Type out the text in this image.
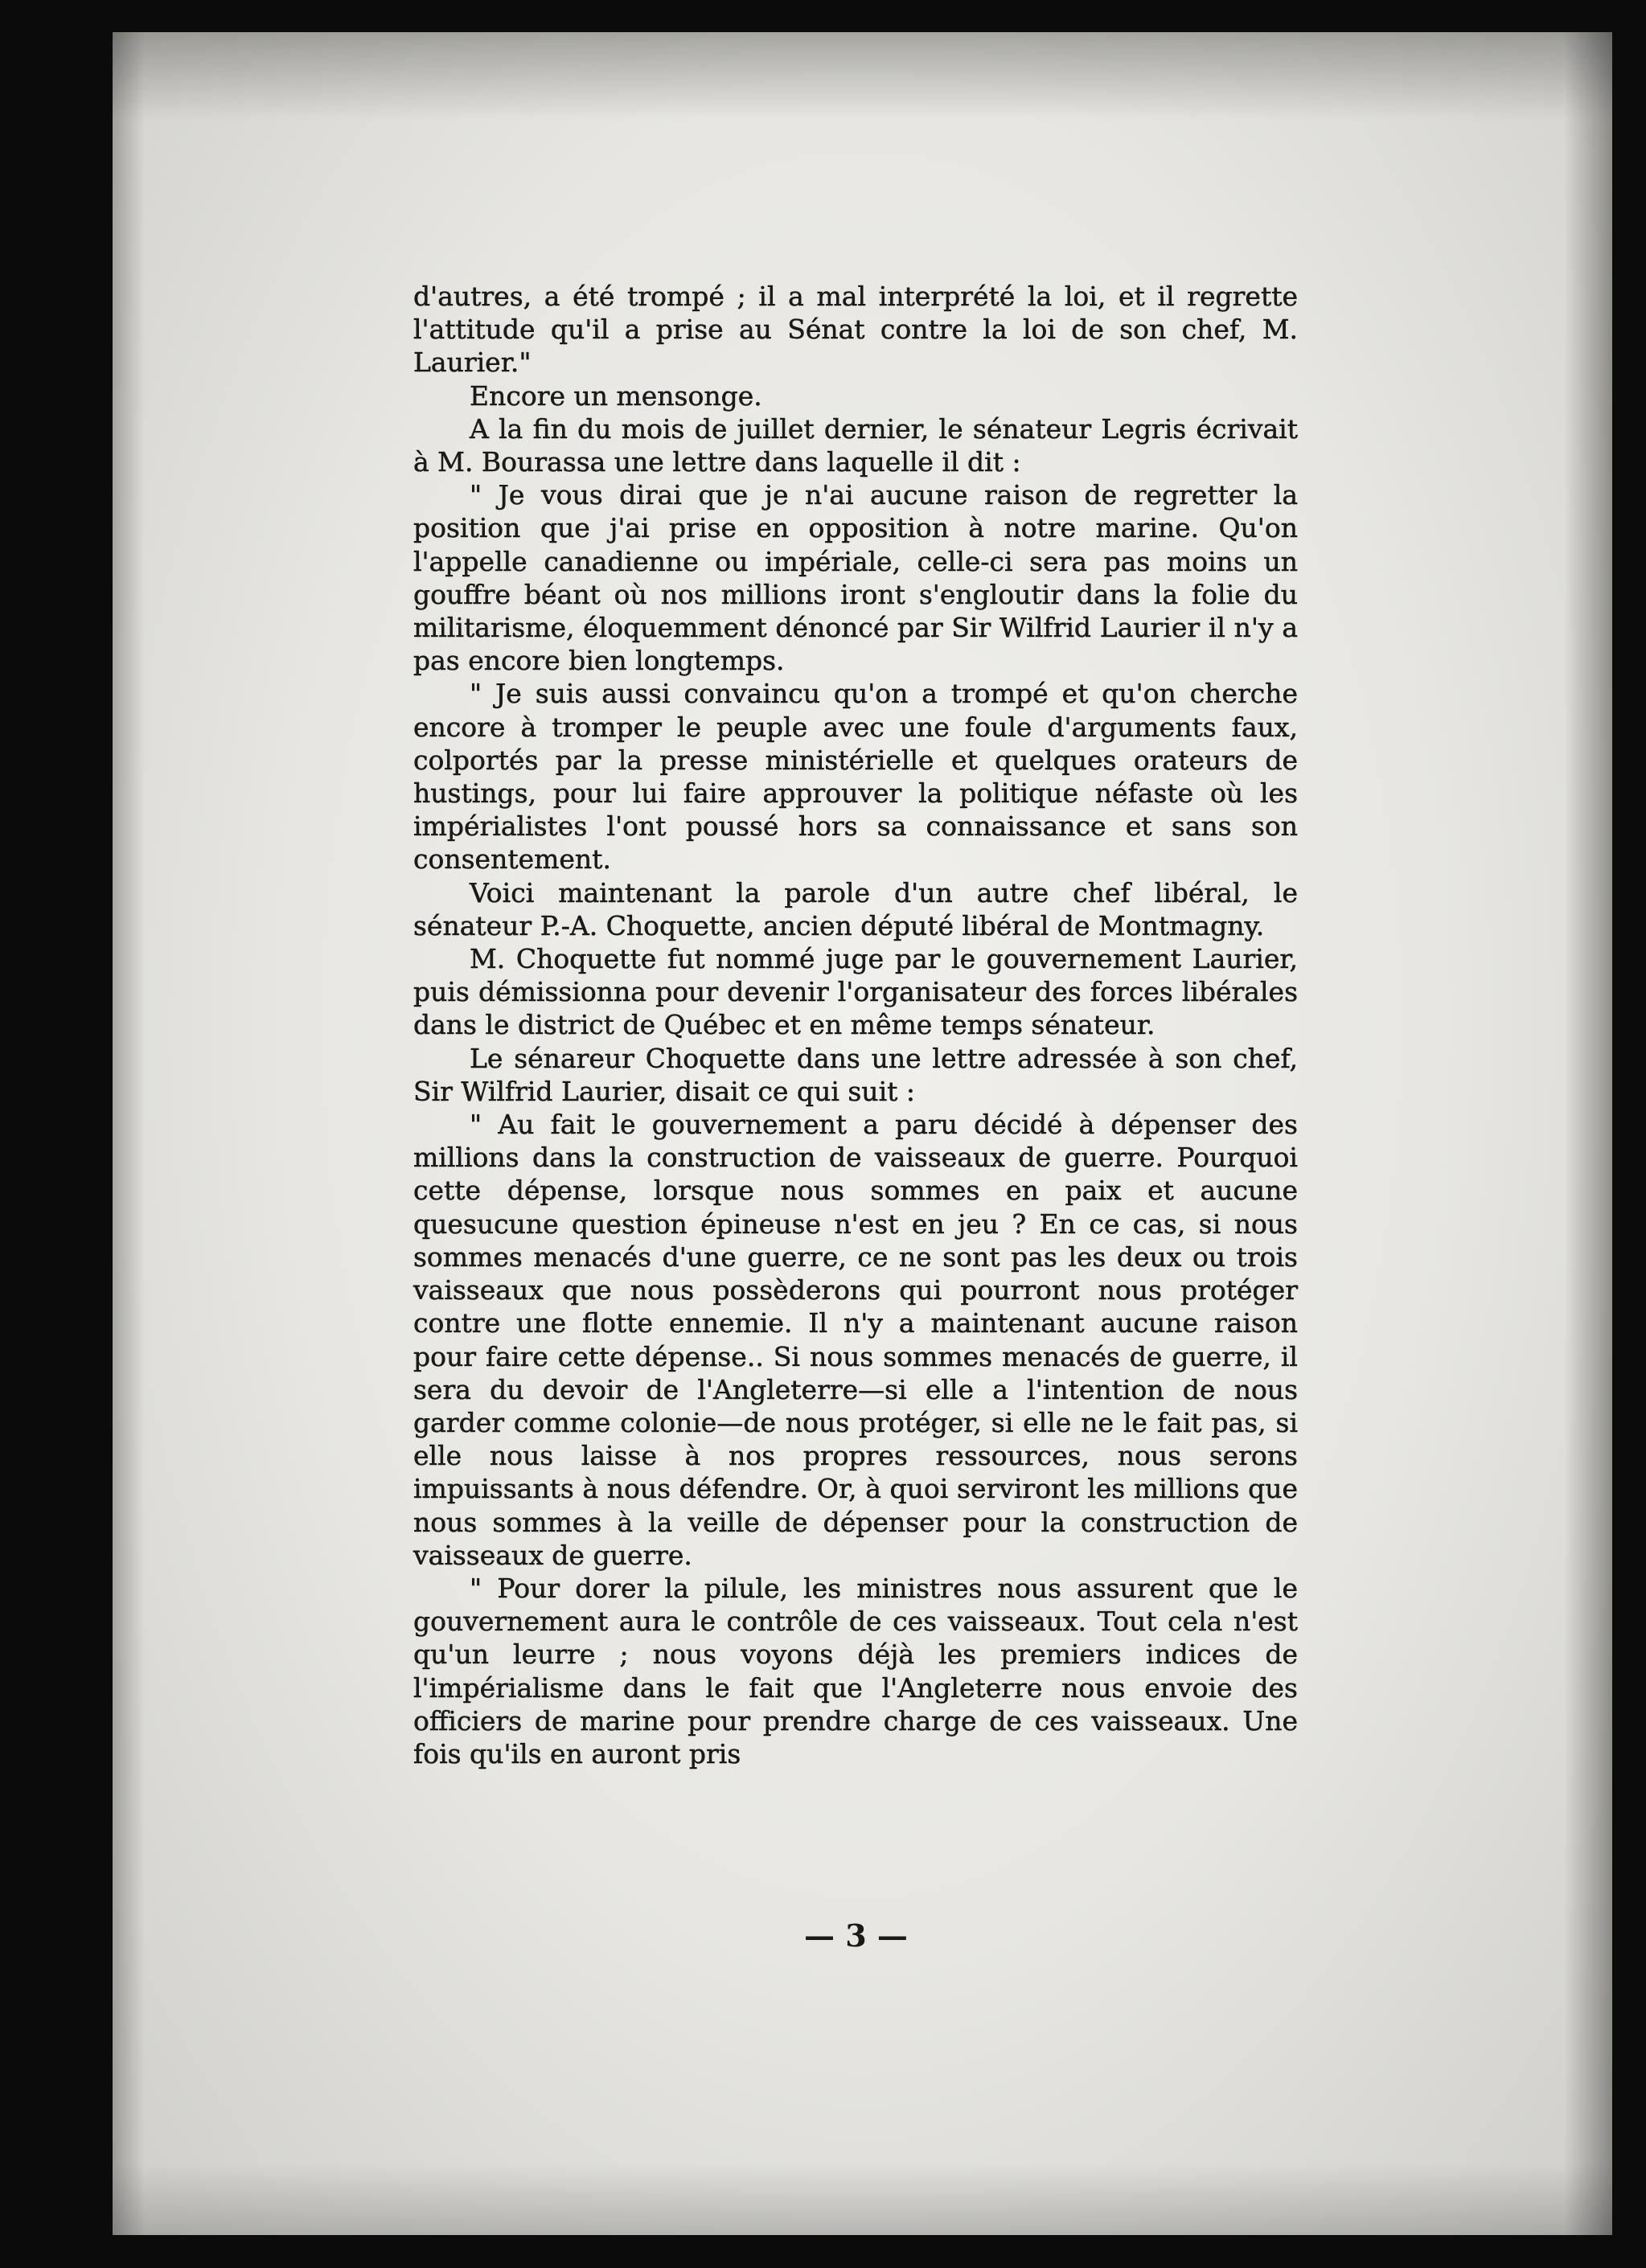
d'autres, a été trompé ; il a mal interprété la loi, et il regrette l'attitude qu'il a prise au Sénat contre la loi de son chef, M. Laurier."

Encore un mensonge.

A la fin du mois de juillet dernier, le sénateur Legris écrivait à M. Bourassa une lettre dans laquelle il dit :

" Je vous dirai que je n'ai aucune raison de regretter la position que j'ai prise en opposition à notre marine. Qu'on l'appelle canadienne ou impériale, celle-ci sera pas moins un gouffre béant où nos millions iront s'engloutir dans la folie du militarisme, éloquemment dénoncé par Sir Wilfrid Laurier il n'y a pas encore bien longtemps.

" Je suis aussi convaincu qu'on a trompé et qu'on cherche encore à tromper le peuple avec une foule d'arguments faux, colportés par la presse ministérielle et quelques orateurs de hustings, pour lui faire approuver la politique néfaste où les impérialistes l'ont poussé hors sa connaissance et sans son consentement.

Voici maintenant la parole d'un autre chef libéral, le sénateur P.-A. Choquette, ancien député libéral de Montmagny.

M. Choquette fut nommé juge par le gouvernement Laurier, puis démissionna pour devenir l'organisateur des forces libérales dans le district de Québec et en même temps sénateur.

Le sénareur Choquette dans une lettre adressée à son chef, Sir Wilfrid Laurier, disait ce qui suit :

" Au fait le gouvernement a paru décidé à dépenser des millions dans la construction de vaisseaux de guerre. Pourquoi cette dépense, lorsque nous sommes en paix et aucune quesucune question épineuse n'est en jeu ? En ce cas, si nous sommes menacés d'une guerre, ce ne sont pas les deux ou trois vaisseaux que nous possèderons qui pourront nous protéger contre une flotte ennemie. Il n'y a maintenant aucune raison pour faire cette dépense.. Si nous sommes menacés de guerre, il sera du devoir de l'Angleterre—si elle a l'intention de nous garder comme colonie—de nous protéger, si elle ne le fait pas, si elle nous laisse à nos propres ressources, nous serons impuissants à nous défendre. Or, à quoi serviront les millions que nous sommes à la veille de dépenser pour la construction de vaisseaux de guerre.

" Pour dorer la pilule, les ministres nous assurent que le gouvernement aura le contrôle de ces vaisseaux. Tout cela n'est qu'un leurre ; nous voyons déjà les premiers indices de l'impérialisme dans le fait que l'Angleterre nous envoie des officiers de marine pour prendre charge de ces vaisseaux. Une fois qu'ils en auront pris

— 3 —
